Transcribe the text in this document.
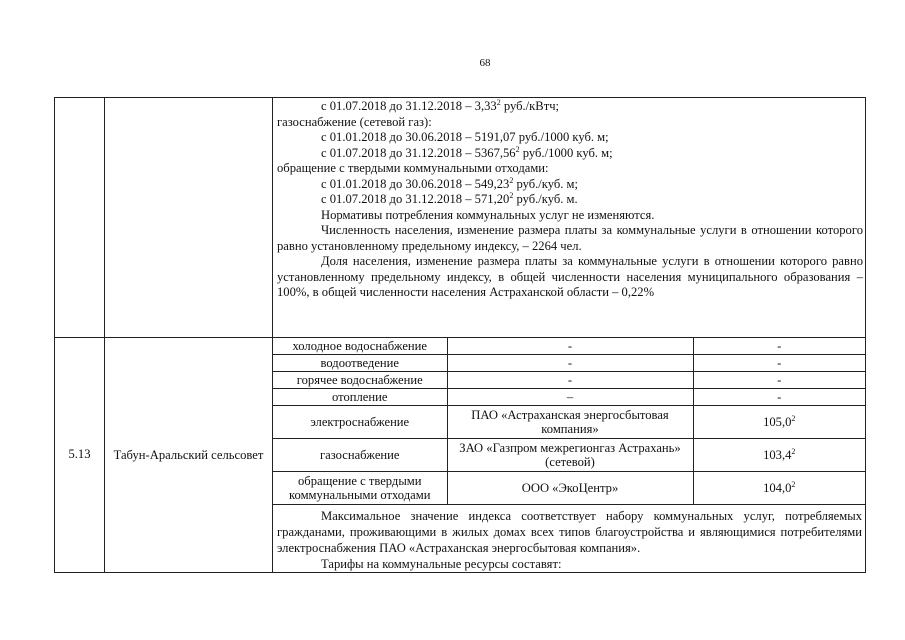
68

с 01.07.2018 до 31.12.2018 – 3,33$^2$ руб./кВтч;
газоснабжение (сетевой газ):
с 01.01.2018 до 30.06.2018 – 5191,07 руб./1000 куб. м;
с 01.07.2018 до 31.12.2018 – 5367,56$^2$ руб./1000 куб. м;
обращение с твердыми коммунальными отходами:
с 01.01.2018 до 30.06.2018 – 549,23$^2$ руб./куб. м;
с 01.07.2018 до 31.12.2018 – 571,20$^2$ руб./куб. м.
Нормативы потребления коммунальных услуг не изменяются.
Численность населения, изменение размера платы за коммунальные услуги в отношении которого равно установленному предельному индексу, – 2264 чел.
Доля населения, изменение размера платы за коммунальные услуги в отношении которого равно установленному предельному индексу, в общей численности населения муниципального образования – 100%, в общей численности населения Астраханской области – 0,22%

5.13	Табун-Аральский сельсовет	
холодное водоснабжение	-	-
водоотведение	-	-
горячее водоснабжение	-	-
отопление	–	-
электроснабжение	ПАО «Астраханская энергосбытовая компания»	105,0$^2$
газоснабжение	ЗАО «Газпром межрегионгаз Астрахань» (сетевой)	103,4$^2$
обращение с твердыми коммунальными отходами	ООО «ЭкоЦентр»	104,0$^2$
Максимальное значение индекса соответствует набору коммунальных услуг, потребляемых гражданами, проживающими в жилых домах всех типов благоустройства и являющимися потребителями электроснабжения ПАО «Астраханская энергосбытовая компания».
Тарифы на коммунальные ресурсы составят:
